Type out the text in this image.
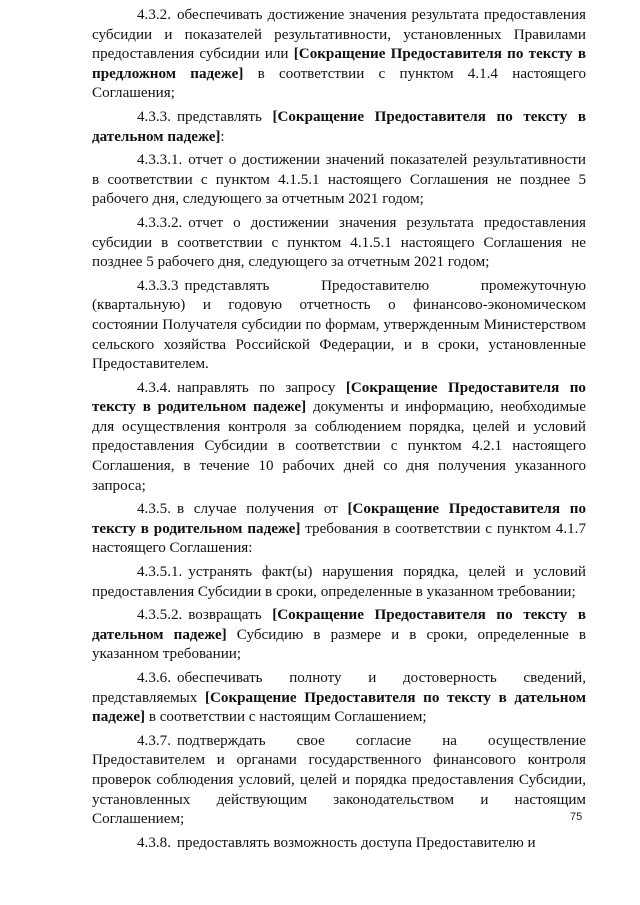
4.3.2. обеспечивать достижение значения результата предоставления субсидии и показателей результативности, установленных Правилами предоставления субсидии или [Сокращение Предоставителя по тексту в предложном падеже] в соответствии с пунктом 4.1.4 настоящего Соглашения;

4.3.3. представлять [Сокращение Предоставителя по тексту в дательном падеже]:

4.3.3.1. отчет о достижении значений показателей результативности в соответствии с пунктом 4.1.5.1 настоящего Соглашения не позднее 5 рабочего дня, следующего за отчетным 2021 годом;

4.3.3.2. отчет о достижении значения результата предоставления субсидии в соответствии с пунктом 4.1.5.1 настоящего Соглашения не позднее 5 рабочего дня, следующего за отчетным 2021 годом;

4.3.3.3 представлять Предоставителю промежуточную (квартальную) и годовую отчетность о финансово-экономическом состоянии Получателя субсидии по формам, утвержденным Министерством сельского хозяйства Российской Федерации, и в сроки, установленные Предоставителем.

4.3.4. направлять по запросу [Сокращение Предоставителя по тексту в родительном падеже] документы и информацию, необходимые для осуществления контроля за соблюдением порядка, целей и условий предоставления Субсидии в соответствии с пунктом 4.2.1 настоящего Соглашения, в течение 10 рабочих дней со дня получения указанного запроса;

4.3.5. в случае получения от [Сокращение Предоставителя по тексту в родительном падеже] требования в соответствии с пунктом 4.1.7 настоящего Соглашения:

4.3.5.1. устранять факт(ы) нарушения порядка, целей и условий предоставления Субсидии в сроки, определенные в указанном требовании;

4.3.5.2. возвращать [Сокращение Предоставителя по тексту в дательном падеже] Субсидию в размере и в сроки, определенные в указанном требовании;

4.3.6. обеспечивать полноту и достоверность сведений, представляемых [Сокращение Предоставителя по тексту в дательном падеже] в соответствии с настоящим Соглашением;

4.3.7. подтверждать свое согласие на осуществление Предоставителем и органами государственного финансового контроля проверок соблюдения условий, целей и порядка предоставления Субсидии, установленных действующим законодательством и настоящим Соглашением;

4.3.8. предоставлять возможность доступа Предоставителю и

75
